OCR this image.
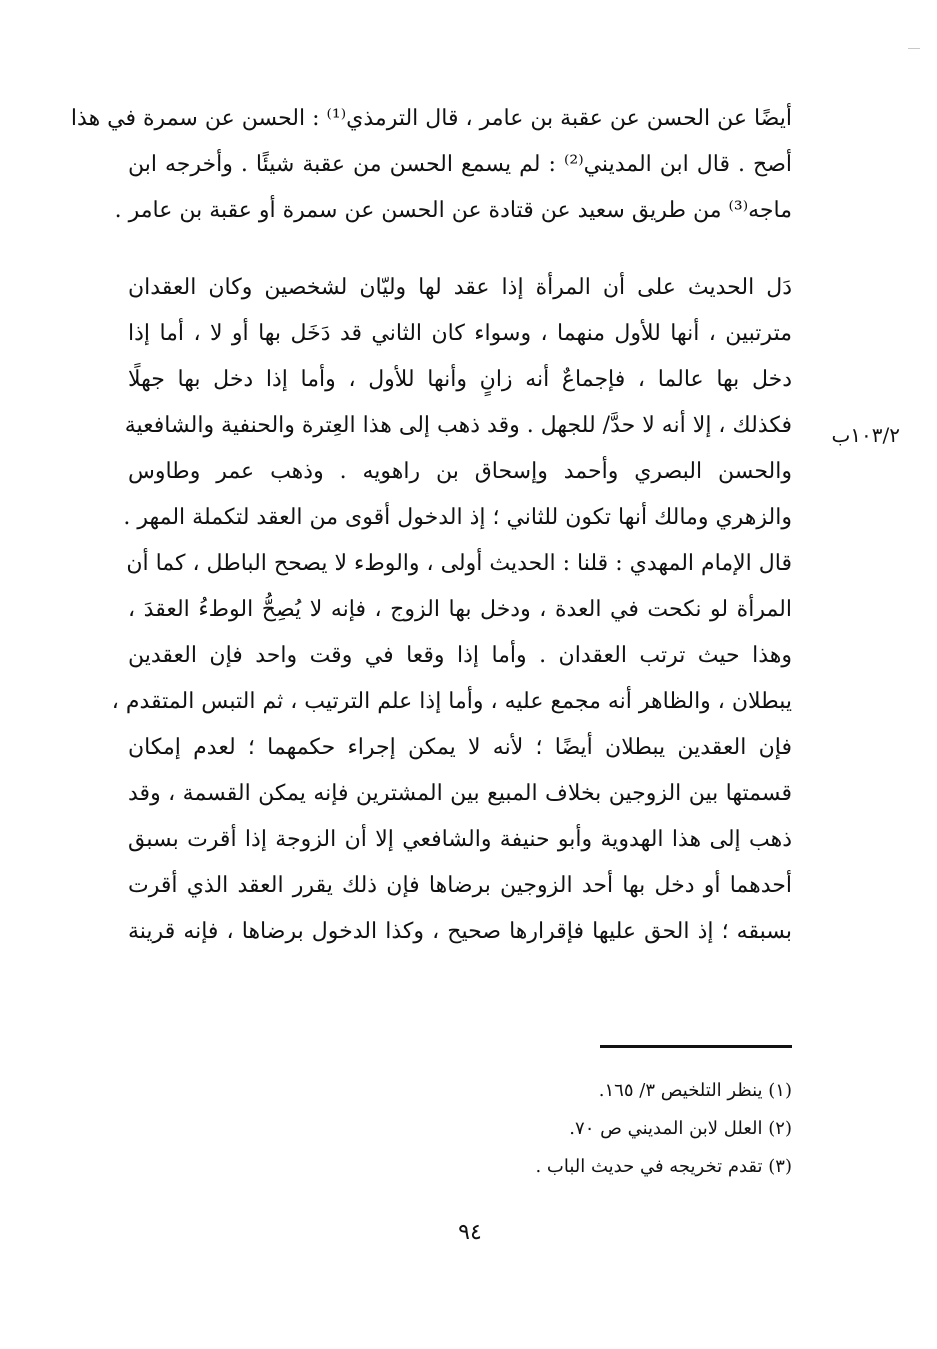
أيضًا عن الحسن عن عقبة بن عامر ، قال الترمذي⁽¹⁾ : الحسن عن سمرة في هذا
أصح . قال ابن المديني⁽²⁾ : لم يسمع الحسن من عقبة شيئًا . وأخرجه ابن
ماجه⁽³⁾ من طريق سعيد عن قتادة عن الحسن عن سمرة أو عقبة بن عامر .
دَل الحديث على أن المرأة إذا عقد لها وليّان لشخصين وكان العقدان
مترتبين ، أنها للأول منهما ، وسواء كان الثاني قد دَخَل بها أو لا ، أما إذا
دخل بها عالما ، فإجماعٌ أنه زانٍ وأنها للأول ، وأما إذا دخل بها جهلًا
فكذلك ، إلا أنه لا حدَّ/ للجهل . وقد ذهب إلى هذا العِترة والحنفية والشافعية
والحسن البصري وأحمد وإسحاق بن راهويه . وذهب عمر وطاوس
والزهري ومالك أنها تكون للثاني ؛ إذ الدخول أقوى من العقد لتكملة المهر .
قال الإمام المهدي : قلنا : الحديث أولى ، والوطء لا يصحح الباطل ، كما أن
المرأة لو نكحت في العدة ، ودخل بها الزوج ، فإنه لا يُصِحُّ الوطءُ العقدَ ،
وهذا حيث ترتب العقدان . وأما إذا وقعا في وقت واحد فإن العقدين
يبطلان ، والظاهر أنه مجمع عليه ، وأما إذا علم الترتيب ، ثم التبس المتقدم ،
فإن العقدين يبطلان أيضًا ؛ لأنه لا يمكن إجراء حكمهما ؛ لعدم إمكان
قسمتها بين الزوجين بخلاف المبيع بين المشترين فإنه يمكن القسمة ، وقد
ذهب إلى هذا الهدوية وأبو حنيفة والشافعي إلا أن الزوجة إذا أقرت بسبق
أحدهما أو دخل بها أحد الزوجين برضاها فإن ذلك يقرر العقد الذي أقرت
بسبقه ؛ إذ الحق عليها فإقرارها صحيح ، وكذا الدخول برضاها ، فإنه قرينة
١٠٣/٢ب
(١) ينظر التلخيص ٣/ ١٦٥.
(٢) العلل لابن المديني ص ٧٠.
(٣) تقدم تخريجه في حديث الباب .
٩٤
